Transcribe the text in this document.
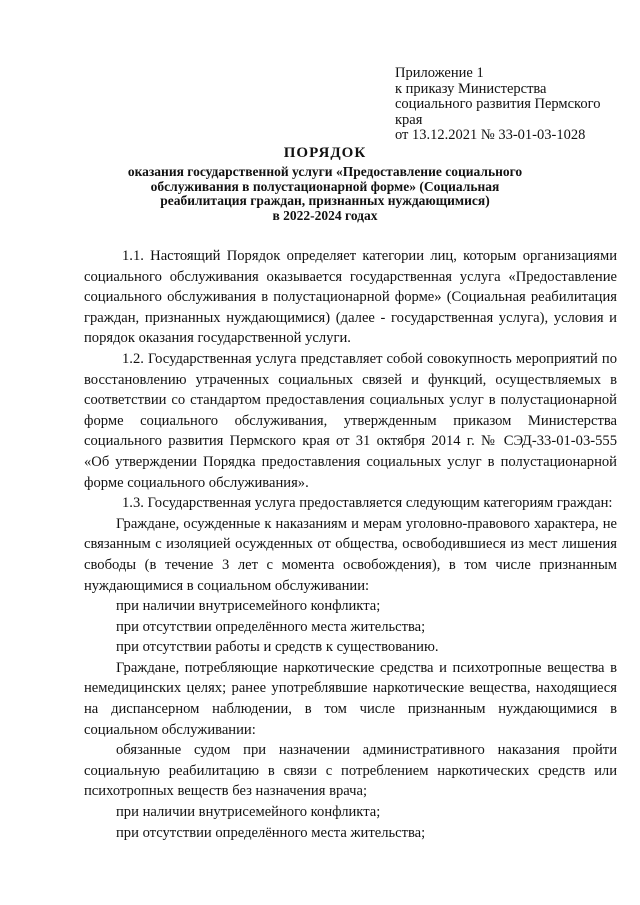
Приложение 1
к приказу Министерства
социального развития Пермского
края
от 13.12.2021 № 33-01-03-1028
ПОРЯДОК
оказания государственной услуги «Предоставление социального
обслуживания в полустационарной форме» (Социальная
реабилитация граждан, признанных нуждающимися)
в 2022-2024 годах

1.1. Настоящий Порядок определяет категории лиц, которым организациями социального обслуживания оказывается государственная услуга «Предоставление социального обслуживания в полустационарной форме» (Социальная реабилитация граждан, признанных нуждающимися) (далее - государственная услуга), условия и порядок оказания государственной услуги.

1.2. Государственная услуга представляет собой совокупность мероприятий по восстановлению утраченных социальных связей и функций, осуществляемых в соответствии со стандартом предоставления социальных услуг в полустационарной форме социального обслуживания, утвержденным приказом Министерства социального развития Пермского края от 31 октября 2014 г. № СЭД-33-01-03-555 «Об утверждении Порядка предоставления социальных услуг в полустационарной форме социального обслуживания».

1.3. Государственная услуга предоставляется следующим категориям граждан:

Граждане, осужденные к наказаниям и мерам уголовно-правового характера, не связанным с изоляцией осужденных от общества, освободившиеся из мест лишения свободы (в течение 3 лет с момента освобождения), в том числе признанным нуждающимися в социальном обслуживании:

при наличии внутрисемейного конфликта;

при отсутствии определённого места жительства;

при отсутствии работы и средств к существованию.

Граждане, потребляющие наркотические средства и психотропные вещества в немедицинских целях; ранее употреблявшие наркотические вещества, находящиеся на диспансерном наблюдении, в том числе признанным нуждающимися в социальном обслуживании:

обязанные судом при назначении административного наказания пройти социальную реабилитацию в связи с потреблением наркотических средств или психотропных веществ без назначения врача;

при наличии внутрисемейного конфликта;

при отсутствии определённого места жительства;
